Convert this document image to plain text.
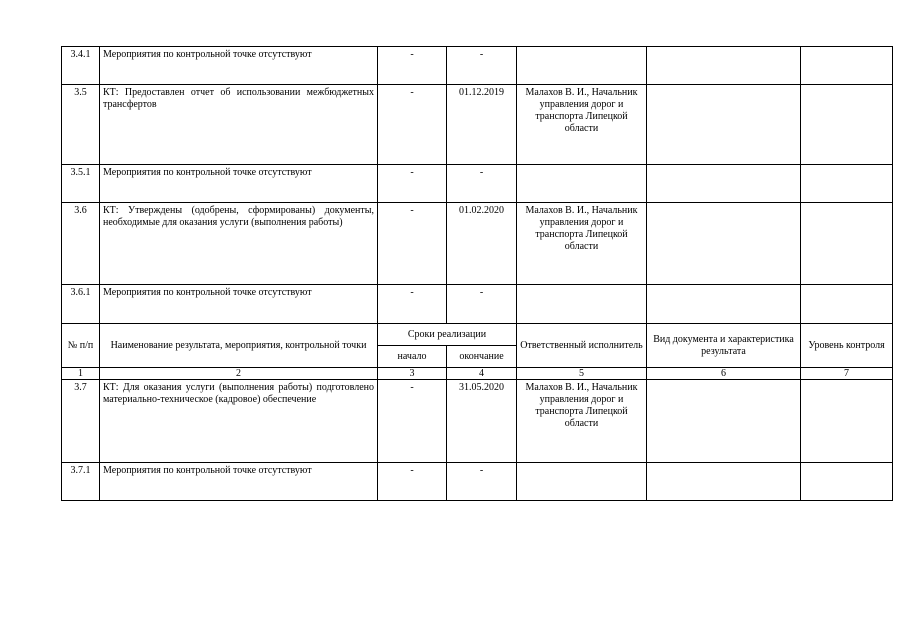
3.4.1	Мероприятия по контрольной точке отсутствуют	-	-			
3.5	КТ: Предоставлен отчет об использовании межбюджетных трансфертов	-	01.12.2019	Малахов В. И., Начальник управления дорог и транспорта Липецкой области		
3.5.1	Мероприятия по контрольной точке отсутствуют	-	-			
3.6	КТ: Утверждены (одобрены, сформированы) документы, необходимые для оказания услуги (выполнения работы)	-	01.02.2020	Малахов В. И., Начальник управления дорог и транспорта Липецкой области		
3.6.1	Мероприятия по контрольной точке отсутствуют	-	-			
№ п/п	Наименование результата, мероприятия, контрольной точки	Сроки реализации		Ответственный исполнитель	Вид документа и характеристика результата	Уровень контроля
		начало	окончание			
1	2	3	4	5	6	7
3.7	КТ: Для оказания услуги (выполнения работы) подготовлено материально-техническое (кадровое) обеспечение	-	31.05.2020	Малахов В. И., Начальник управления дорог и транспорта Липецкой области		
3.7.1	Мероприятия по контрольной точке отсутствуют	-	-			
